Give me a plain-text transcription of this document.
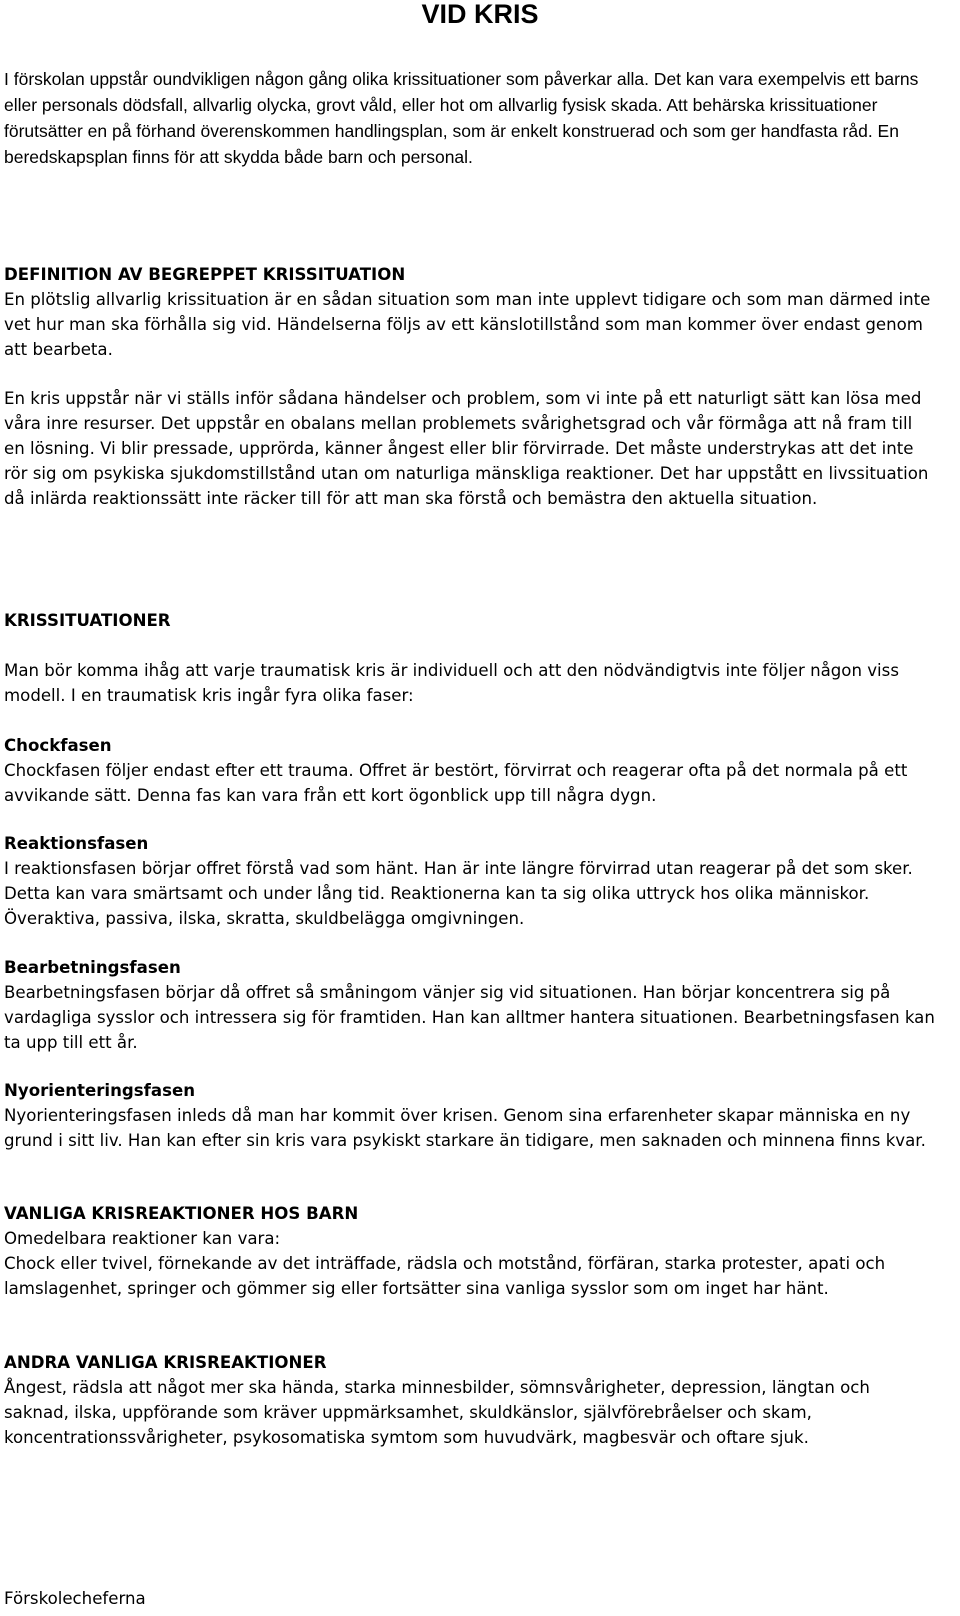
VID KRIS

I förskolan uppstår oundvikligen någon gång olika krissituationer som påverkar alla. Det kan vara exempelvis ett barns eller personals dödsfall, allvarlig olycka, grovt våld, eller hot om allvarlig fysisk skada. Att behärska krissituationer förutsätter en på förhand överenskommen handlingsplan, som är enkelt konstruerad och som ger handfasta råd. En beredskapsplan finns för att skydda både barn och personal.

DEFINITION AV BEGREPPET KRISSITUATION
En plötslig allvarlig krissituation är en sådan situation som man inte upplevt tidigare och som man därmed inte vet hur man ska förhålla sig vid. Händelserna följs av ett känslotillstånd som man kommer över endast genom att bearbeta.

En kris uppstår när vi ställs inför sådana händelser och problem, som vi inte på ett naturligt sätt kan lösa med våra inre resurser. Det uppstår en obalans mellan problemets svårighetsgrad och vår förmåga att nå fram till en lösning. Vi blir pressade, upprörda, känner ångest eller blir förvirrade. Det måste understrykas att det inte rör sig om psykiska sjukdomstillstånd utan om naturliga mänskliga reaktioner. Det har uppstått en livssituation då inlärda reaktionssätt inte räcker till för att man ska förstå och bemästra den aktuella situation.

KRISSITUATIONER

Man bör komma ihåg att varje traumatisk kris är individuell och att den nödvändigtvis inte följer någon viss modell. I en traumatisk kris ingår fyra olika faser:

Chockfasen
Chockfasen följer endast efter ett trauma. Offret är bestört, förvirrat och reagerar ofta på det normala på ett avvikande sätt. Denna fas kan vara från ett kort ögonblick upp till några dygn.
Reaktionsfasen
I reaktionsfasen börjar offret förstå vad som hänt. Han är inte längre förvirrad utan reagerar på det som sker. Detta kan vara smärtsamt och under lång tid. Reaktionerna kan ta sig olika uttryck hos olika människor. Överaktiva, passiva, ilska, skratta, skuldbelägga omgivningen.
Bearbetningsfasen
Bearbetningsfasen börjar då offret så småningom vänjer sig vid situationen. Han börjar koncentrera sig på vardagliga sysslor och intressera sig för framtiden. Han kan alltmer hantera situationen. Bearbetningsfasen kan ta upp till ett år.
Nyorienteringsfasen
Nyorienteringsfasen inleds då man har kommit över krisen. Genom sina erfarenheter skapar människa en ny grund i sitt liv. Han kan efter sin kris vara psykiskt starkare än tidigare, men saknaden och minnena finns kvar.
VANLIGA KRISREAKTIONER HOS BARN
Omedelbara reaktioner kan vara:
Chock eller tvivel, förnekande av det inträffade, rädsla och motstånd, förfäran, starka protester, apati och lamslagenhet, springer och gömmer sig eller fortsätter sina vanliga sysslor som om inget har hänt.
ANDRA VANLIGA KRISREAKTIONER
Ångest, rädsla att något mer ska hända, starka minnesbilder, sömnsvårigheter, depression, längtan och saknad, ilska, uppförande som kräver uppmärksamhet, skuldkänslor, självförebråelser och skam, koncentrationssvårigheter, psykosomatiska symtom som huvudvärk, magbesvär och oftare sjuk.

Förskolecheferna
